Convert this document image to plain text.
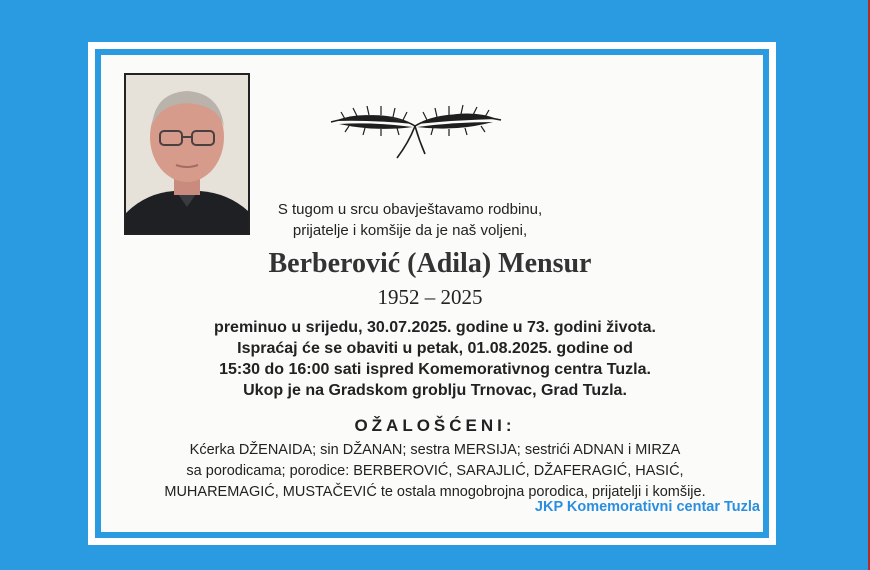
S tugom u srcu obavještavamo rodbinu,
prijatelje i komšije da je naš voljeni,
Berberović (Adila) Mensur
1952 – 2025
preminuo u srijedu, 30.07.2025. godine u 73. godini života.
Ispraćaj će se obaviti u petak, 01.08.2025. godine od
15:30 do 16:00 sati ispred Komemorativnog centra Tuzla.
Ukop je na Gradskom groblju Trnovac, Grad Tuzla.
OŽALOŠĆENI:
Kćerka DŽENAIDA; sin DŽANAN; sestra MERSIJA; sestrići ADNAN i MIRZA
sa porodicama; porodice: BERBEROVIĆ, SARAJLIĆ, DŽAFERAGIĆ, HASIĆ,
MUHAREMAGIĆ, MUSTAČEVIĆ te ostala mnogobrojna porodica, prijatelji i komšije.
JKP Komemorativni centar Tuzla
